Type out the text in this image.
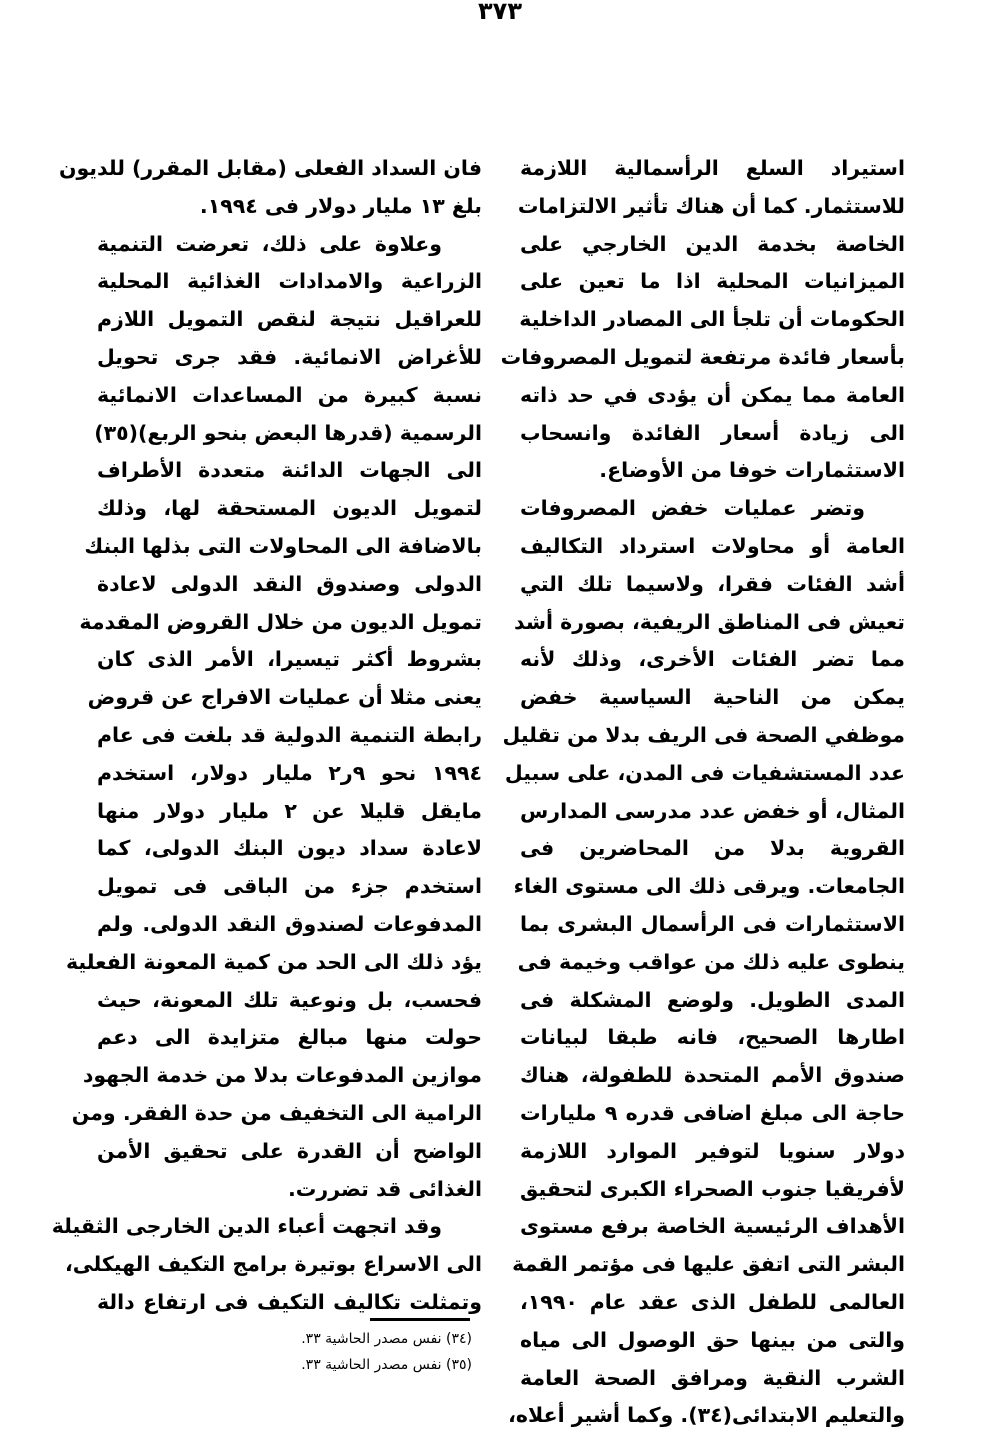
٣٧٣
استيراد السلع الرأسمالية اللازمة
للاستثمار. كما أن هناك تأثير الالتزامات
الخاصة بخدمة الدين الخارجي على
الميزانيات المحلية اذا ما تعين على
الحكومات أن تلجأ الى المصادر الداخلية
بأسعار فائدة مرتفعة لتمويل المصروفات
العامة مما يمكن أن يؤدى في حد ذاته
الى زيادة أسعار الفائدة وانسحاب
الاستثمارات خوفا من الأوضاع.
وتضر عمليات خفض المصروفات
العامة أو محاولات استرداد التكاليف
أشد الفئات فقرا، ولاسيما تلك التي
تعيش فى المناطق الريفية، بصورة أشد
مما تضر الفئات الأخرى، وذلك لأنه
يمكن من الناحية السياسية خفض
موظفي الصحة فى الريف بدلا من تقليل
عدد المستشفيات فى المدن، على سبيل
المثال، أو خفض عدد مدرسى المدارس
القروية بدلا من المحاضرين فى
الجامعات. ويرقى ذلك الى مستوى الغاء
الاستثمارات فى الرأسمال البشرى بما
ينطوى عليه ذلك من عواقب وخيمة فى
المدى الطويل. ولوضع المشكلة فى
اطارها الصحيح، فانه طبقا لبيانات
صندوق الأمم المتحدة للطفولة، هناك
حاجة الى مبلغ اضافى قدره ٩ مليارات
دولار سنويا لتوفير الموارد اللازمة
لأفريقيا جنوب الصحراء الكبرى لتحقيق
الأهداف الرئيسية الخاصة برفع مستوى
البشر التى اتفق عليها فى مؤتمر القمة
العالمى للطفل الذى عقد عام ١٩٩٠،
والتى من بينها حق الوصول الى مياه
الشرب النقية ومرافق الصحة العامة
والتعليم الابتدائى(٣٤). وكما أشير أعلاه،
فان السداد الفعلى (مقابل المقرر) للديون
بلغ ١٣ مليار دولار فى ١٩٩٤.
وعلاوة على ذلك، تعرضت التنمية
الزراعية والامدادات الغذائية المحلية
للعراقيل نتيجة لنقص التمويل اللازم
للأغراض الانمائية. فقد جرى تحويل
نسبة كبيرة من المساعدات الانمائية
الرسمية (قدرها البعض بنحو الربع)(٣٥)
الى الجهات الدائنة متعددة الأطراف
لتمويل الديون المستحقة لها، وذلك
بالاضافة الى المحاولات التى بذلها البنك
الدولى وصندوق النقد الدولى لاعادة
تمويل الديون من خلال القروض المقدمة
بشروط أكثر تيسيرا، الأمر الذى كان
يعنى مثلا أن عمليات الافراج عن قروض
رابطة التنمية الدولية قد بلغت فى عام
١٩٩٤ نحو ٩ر٢ مليار دولار، استخدم
مايقل قليلا عن ٢ مليار دولار منها
لاعادة سداد ديون البنك الدولى، كما
استخدم جزء من الباقى فى تمويل
المدفوعات لصندوق النقد الدولى. ولم
يؤد ذلك الى الحد من كمية المعونة الفعلية
فحسب، بل ونوعية تلك المعونة، حيث
حولت منها مبالغ متزايدة الى دعم
موازين المدفوعات بدلا من خدمة الجهود
الرامية الى التخفيف من حدة الفقر. ومن
الواضح أن القدرة على تحقيق الأمن
الغذائى قد تضررت.
وقد اتجهت أعباء الدين الخارجى الثقيلة
الى الاسراع بوتيرة برامج التكيف الهيكلى،
وتمثلت تكاليف التكيف فى ارتفاع دالة
(٣٤) نفس مصدر الحاشية ٣٣.
(٣٥) نفس مصدر الحاشية ٣٣.
